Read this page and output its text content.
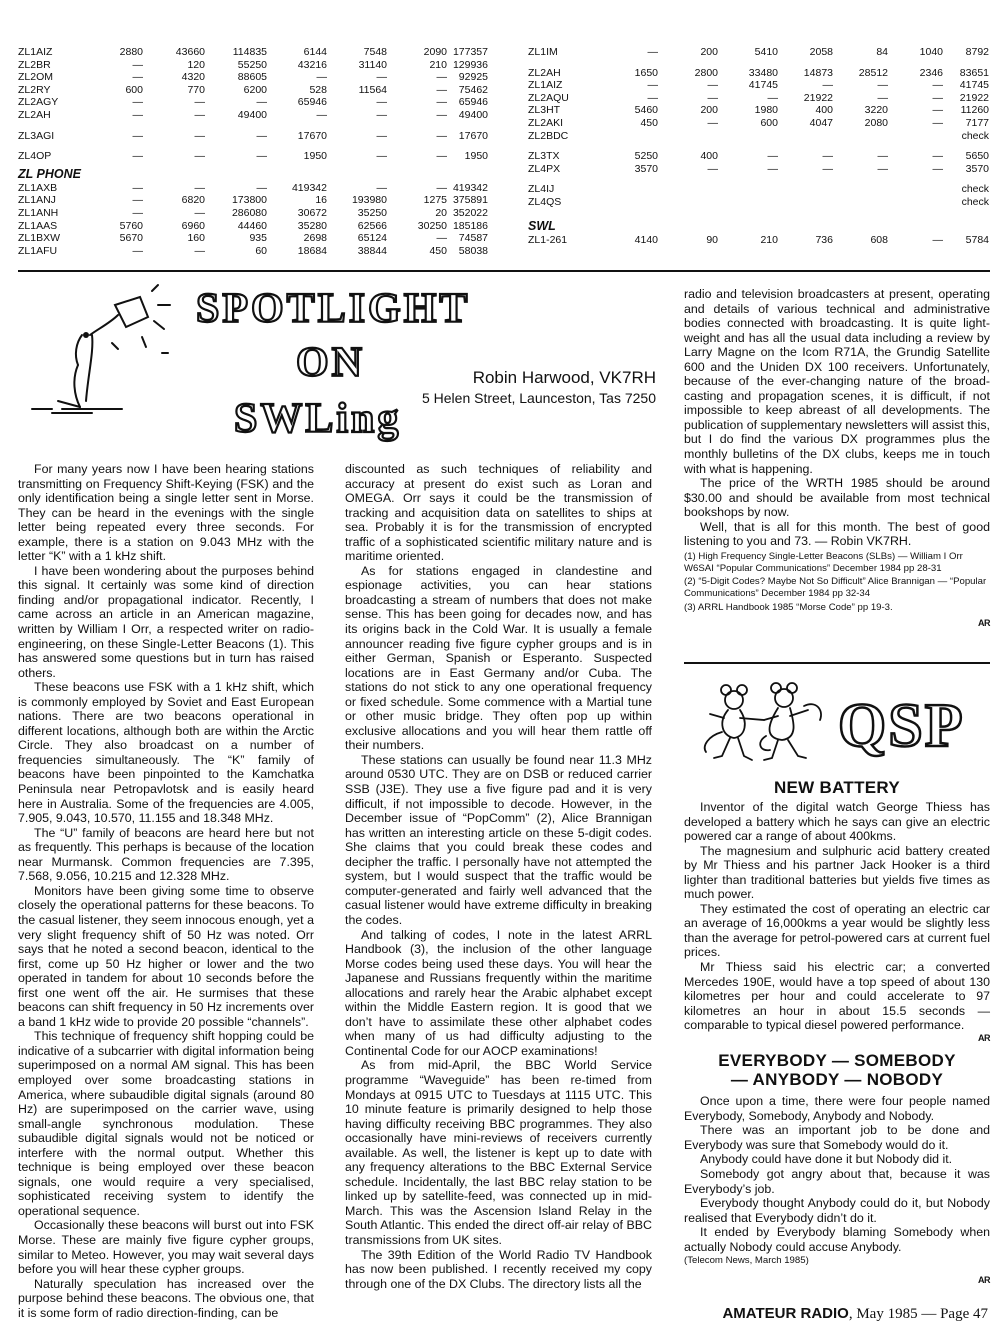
ZL1AIZ	2880	43660	114835	6144	7548	2090	177357
ZL2BR	—	120	55250	43216	31140	210	129936
ZL2OM	—	4320	88605	—	—	—	92925
ZL2RY	600	770	6200	528	11564	—	75462
ZL2AGY	—	—	—	65946	—	—	65946
ZL2AH	—	—	49400	—	—	—	49400

ZL3AGI	—	—	—	17670	—	—	17670

ZL4OP	—	—	—	1950	—	—	1950
ZL PHONE							
ZL1AXB	—	—	—	419342	—	—	419342
ZL1ANJ	—	6820	173800	16	193980	1275	375891
ZL1ANH	—	—	286080	30672	35250	20	352022
ZL1AAS	5760	6960	44460	35280	62566	30250	185186
ZL1BXW	5670	160	935	2698	65124	—	74587
ZL1AFU	—	—	60	18684	38844	450	58038
ZL1IM	—	200	5410	2058	84	1040	8792

ZL2AH	1650	2800	33480	14873	28512	2346	83651
ZL1AIZ	—	—	41745	—	—	—	41745
ZL2AQU	—	—	—	21922	—	—	21922
ZL3HT	5460	200	1980	400	3220	—	11260
ZL2AKI	450	—	600	4047	2080	—	7177
ZL2BDC							check

ZL3TX	5250	400	—	—	—	—	5650
ZL4PX	3570	—	—	—	—	—	3570

ZL4IJ							check
ZL4QS							check
SWL							
ZL1-261	4140	90	210	736	608	—	5784
SPOTLIGHT
ON
SWLing
Robin Harwood, VK7RH
5 Helen Street, Launceston, Tas 7250

For many years now I have been hearing stations transmitting on Frequency Shift-Keying (FSK) and the only identification being a single letter sent in Morse. They can be heard in the evenings with the single letter being repeated every three seconds. For example, there is a station on 9.043 MHz with the letter “K” with a 1 kHz shift.

I have been wondering about the purposes behind this signal. It certainly was some kind of direction finding and/or propagational indicator. Recently, I came across an article in an American magazine, written by William I Orr, a respected writer on radio-engineering, on these Single-Letter Beacons (1). This has answered some questions but in turn has raised others.

These beacons use FSK with a 1 kHz shift, which is commonly employed by Soviet and East European nations. There are two beacons operational in different locations, although both are within the Arctic Circle. They also broadcast on a number of frequencies simultaneously. The “K” family of beacons have been pinpointed to the Kamchatka Peninsula near Petropavlotsk and is easily heard here in Australia. Some of the frequencies are 4.005, 7.905, 9.043, 10.570, 11.155 and 18.348 MHz.

The “U” family of beacons are heard here but not as frequently. This perhaps is because of the location near Murmansk. Common frequencies are 7.395, 7.568, 9.056, 10.215 and 12.328 MHz.

Monitors have been giving some time to observe closely the operational patterns for these beacons. To the casual listener, they seem innocous enough, yet a very slight frequency shift of 50 Hz was noted. Orr says that he noted a second beacon, identical to the first, come up 50 Hz higher or lower and the two operated in tandem for about 10 seconds before the first one went off the air. He surmises that these beacons can shift frequency in 50 Hz increments over a band 1 kHz wide to provide 20 possible “channels”.

This technique of frequency shift hopping could be indicative of a subcarrier with digital information being superimposed on a normal AM signal. This has been employed over some broadcasting stations in America, where subaudible digital signals (around 80 Hz) are superimposed on the carrier wave, using small-angle synchronous modulation. These subaudible digital signals would not be noticed or interfere with the normal output. Whether this technique is being employed over these beacon signals, one would require a very specialised, sophisticated receiving system to identify the operational sequence.

Occasionally these beacons will burst out into FSK Morse. These are mainly five figure cypher groups, similar to Meteo. However, you may wait several days before you will hear these cypher groups.

Naturally speculation has increased over the purpose behind these beacons. The obvious one, that it is some form of radio direction-finding, can be

discounted as such techniques of reliability and accuracy at present do exist such as Loran and OMEGA. Orr says it could be the transmission of tracking and acquisition data on satellites to ships at sea. Probably it is for the transmission of encrypted traffic of a sophisticated scientific military nature and is maritime oriented.

As for stations engaged in clandestine and espionage activities, you can hear stations broadcasting a stream of numbers that does not make sense. This has been going for decades now, and has its origins back in the Cold War. It is usually a female announcer reading five figure cypher groups and is in either German, Spanish or Esperanto. Suspected locations are in East Germany and/or Cuba. The stations do not stick to any one operational frequency or fixed schedule. Some commence with a Martial tune or other music bridge. They often pop up within exclusive allocations and you will hear them rattle off their numbers.

These stations can usually be found near 11.3 MHz around 0530 UTC. They are on DSB or reduced carrier SSB (J3E). They use a five figure pad and it is very difficult, if not impossible to decode. However, in the December issue of “PopComm” (2), Alice Brannigan has written an interesting article on these 5-digit codes. She claims that you could break these codes and decipher the traffic. I personally have not attempted the system, but I would suspect that the traffic would be computer-generated and fairly well advanced that the casual listener would have extreme difficulty in breaking the codes.

And talking of codes, I note in the latest ARRL Handbook (3), the inclusion of the other language Morse codes being used these days. You will hear the Japanese and Russians frequently within the maritime allocations and rarely hear the Arabic alphabet except within the Middle Eastern region. It is good that we don’t have to assimilate these other alphabet codes when many of us had difficulty adjusting to the Continental Code for our AOCP examinations!

As from mid-April, the BBC World Service programme “Waveguide” has been re-timed from Mondays at 0915 UTC to Tuesdays at 1115 UTC. This 10 minute feature is primarily designed to help those having difficulty receiving BBC programmes. They also occasionally have mini-reviews of receivers currently available. As well, the listener is kept up to date with any frequency alterations to the BBC External Service schedule. Incidentally, the last BBC relay station to be linked up by satellite-feed, was connected up in mid-March. This was the Ascension Island Relay in the South Atlantic. This ended the direct off-air relay of BBC transmissions from UK sites.

The 39th Edition of the World Radio TV Handbook has now been published. I recently received my copy through one of the DX Clubs. The directory lists all the

radio and television broadcasters at present, operating and details of various technical and administrative bodies connected with broadcasting. It is quite light-weight and has all the usual data including a review by Larry Magne on the Icom R71A, the Grundig Satellite 600 and the Uniden DX 100 receivers. Unfortunately, because of the ever-changing nature of the broad-casting and propagation scenes, it is difficult, if not impossible to keep abreast of all developments. The publication of supplementary newsletters will assist this, but I do find the various DX programmes plus the monthly bulletins of the DX clubs, keeps me in touch with what is happening.

The price of the WRTH 1985 should be around $30.00 and should be available from most technical bookshops by now.

Well, that is all for this month. The best of good listening to you and 73. — Robin VK7RH.

(1) High Frequency Single-Letter Beacons (SLBs) — William I Orr W6SAI “Popular Communications” December 1984 pp 28-31
(2) “5-Digit Codes? Maybe Not So Difficult” Alice Brannigan — “Popular Communications” December 1984 pp 32-34
(3) ARRL Handbook 1985 “Morse Code” pp 19-3.
AR
QSP
NEW BATTERY

Inventor of the digital watch George Thiess has developed a battery which he says can give an electric powered car a range of about 400kms.

The magnesium and sulphuric acid battery created by Mr Thiess and his partner Jack Hooker is a third lighter than traditional batteries but yields five times as much power.

They estimated the cost of operating an electric car an average of 16,000kms a year would be slightly less than the average for petrol-powered cars at current fuel prices.

Mr Thiess said his electric car; a converted Mercedes 190E, would have a top speed of about 130 kilometres per hour and could accelerate to 97 kilometres an hour in about 15.5 seconds — comparable to typical diesel powered performance.

AR
EVERYBODY — SOMEBODY
— ANYBODY — NOBODY

Once upon a time, there were four people named Everybody, Somebody, Anybody and Nobody.

There was an important job to be done and Everybody was sure that Somebody would do it.

Anybody could have done it but Nobody did it.

Somebody got angry about that, because it was Everybody’s job.

Everybody thought Anybody could do it, but Nobody realised that Everybody didn’t do it.

It ended by Everybody blaming Somebody when actually Nobody could accuse Anybody.

(Telecom News, March 1985)
AR
AMATEUR RADIO, May 1985 — Page 47
